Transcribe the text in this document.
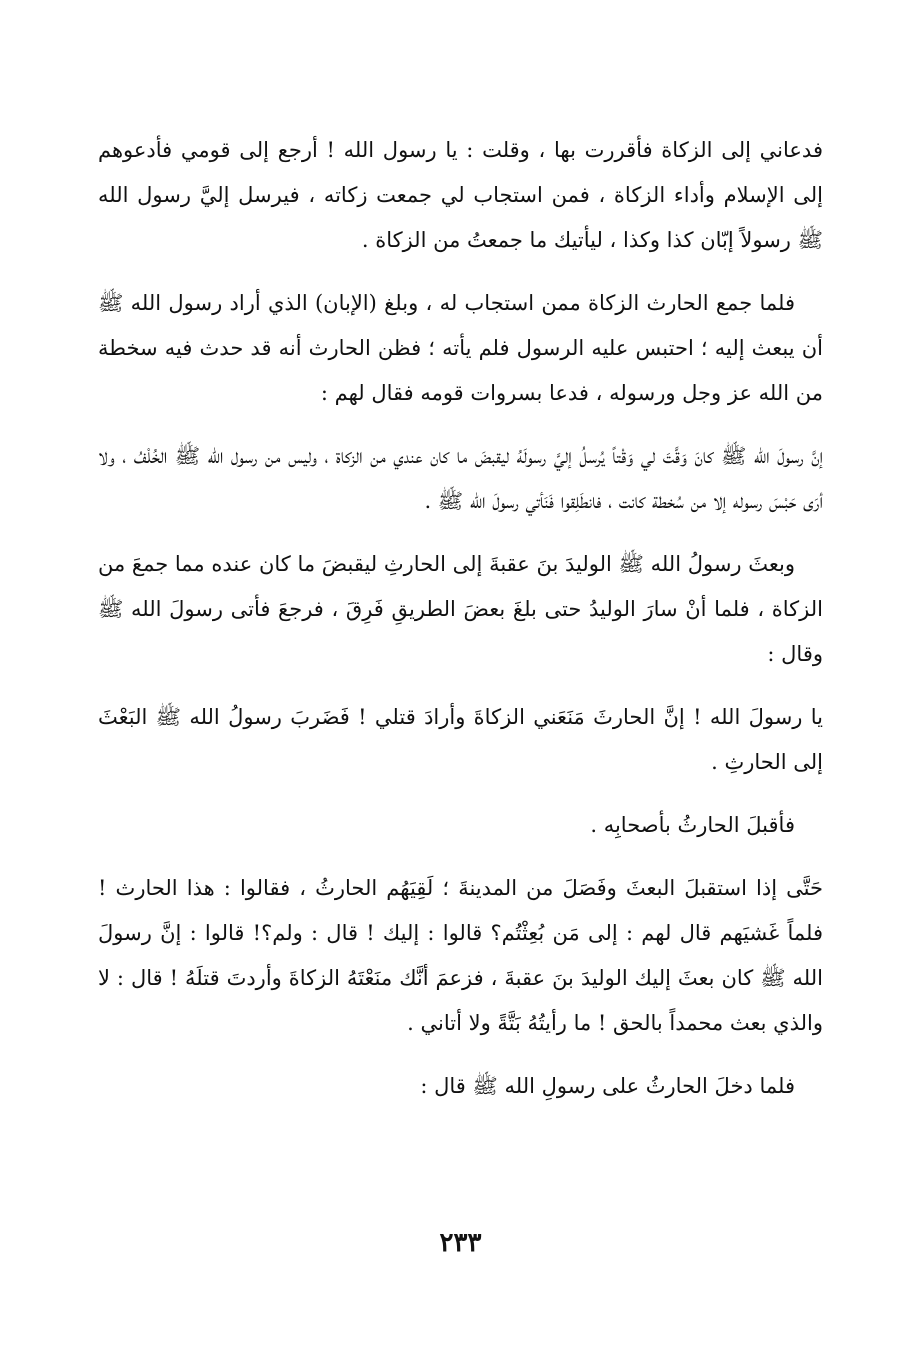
فدعاني إلى الزكاة فأقررت بها ، وقلت : يا رسول الله ! أرجع إلى قومي فأدعوهم إلى الإسلام وأداء الزكاة ، فمن استجاب لي جمعت زكاته ، فيرسل إليَّ رسول الله ﷺ رسولاً إبّان كذا وكذا ، ليأتيك ما جمعتُ من الزكاة .

فلما جمع الحارث الزكاة ممن استجاب له ، وبلغ (الإبان) الذي أراد رسول الله ﷺ أن يبعث إليه ؛ احتبس عليه الرسول فلم يأته ؛ فظن الحارث أنه قد حدث فيه سخطة من الله عز وجل ورسوله ، فدعا بسروات قومه فقال لهم :

إنَّ رسولَ الله ﷺ كانَ وَقَّتَ لي وَقْتاً يُرسلُ إليَّ رسولَهُ ليقبضَ ما كان عندي من الزكاة ، وليس من رسول الله ﷺ الخُلْفُ ، ولا أرَى حَبْسَ رسوله إلا من سُخطة كانت ، فانطَلِقوا فَنَأتي رسولَ الله ﷺ .

وبعثَ رسولُ الله ﷺ الوليدَ بنَ عقبةَ إلى الحارثِ ليقبضَ ما كان عنده مما جمعَ من الزكاة ، فلما أنْ سارَ الوليدُ حتى بلغَ بعضَ الطريقِ فَرِقَ ، فرجعَ فأتى رسولَ الله ﷺ وقال :

يا رسولَ الله ! إنَّ الحارثَ مَنَعَني الزكاةَ وأرادَ قتلي ! فَضَربَ رسولُ الله ﷺ البَعْثَ إلى الحارثِ .

فأقبلَ الحارثُ بأصحابِه .

حَتَّى إذا استقبلَ البعثَ وفَصَلَ من المدينةَ ؛ لَقِيَهُم الحارثُ ، فقالوا : هذا الحارث ! فلماً غَشيَهم قال لهم : إلى مَن بُعِثْتُم؟ قالوا : إليك ! قال : ولم؟! قالوا : إنَّ رسولَ الله ﷺ كان بعثَ إليك الوليدَ بنَ عقبةَ ، فزعمَ أنَّك منَعْتَهُ الزكاةَ وأردتَ قتلَهُ ! قال : لا والذي بعث محمداً بالحق ! ما رأيتُهُ بَتَّةً ولا أتاني .

فلما دخلَ الحارثُ على رسولِ الله ﷺ قال :

٢٣٣
